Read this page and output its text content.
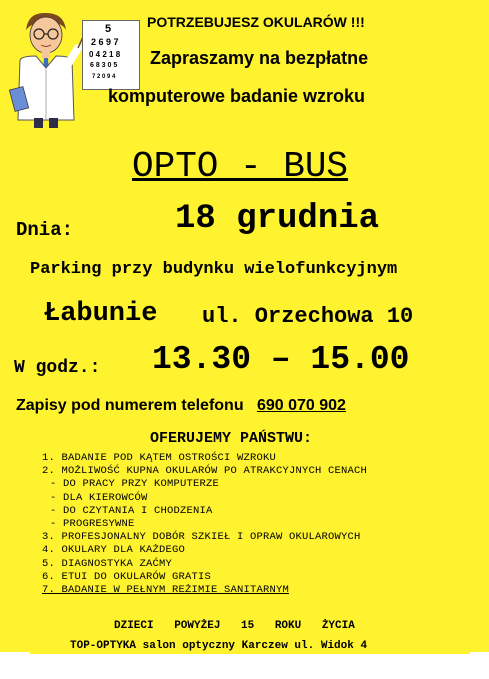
5
2 6 9 7
0 4 2 1 8
6 8 3 0 5
7 2 0 9 4
POTRZEBUJESZ OKULARÓW !!!
Zapraszamy na bezpłatne
komputerowe badanie wzroku
OPTO - BUS
Dnia:	18 grudnia
Parking przy budynku wielofunkcyjnym
Łabunie ul. Orzechowa 10
W godz.: 13.30 – 15.00
Zapisy pod numerem telefonu 690 070 902
OFERUJEMY PAŃSTWU:
1. BADANIE POD KĄTEM OSTROŚCI WZROKU
2. MOŻLIWOŚĆ KUPNA OKULARÓW PO ATRAKCYJNYCH CENACH
- DO PRACY PRZY KOMPUTERZE
- DLA KIEROWCÓW
- DO CZYTANIA I CHODZENIA
- PROGRESYWNE
3. PROFESJONALNY DOBÓR SZKIEŁ I OPRAW OKULAROWYCH
4. OKULARY DLA KAŻDEGO
5. DIAGNOSTYKA ZAĆMY
6. ETUI DO OKULARÓW GRATIS
7. BADANIE W PEŁNYM REŻIMIE SANITARNYM
DZIECI POWYŻEJ 15 ROKU ŻYCIA
TOP-OPTYKA salon optyczny Karczew ul. Widok 4
